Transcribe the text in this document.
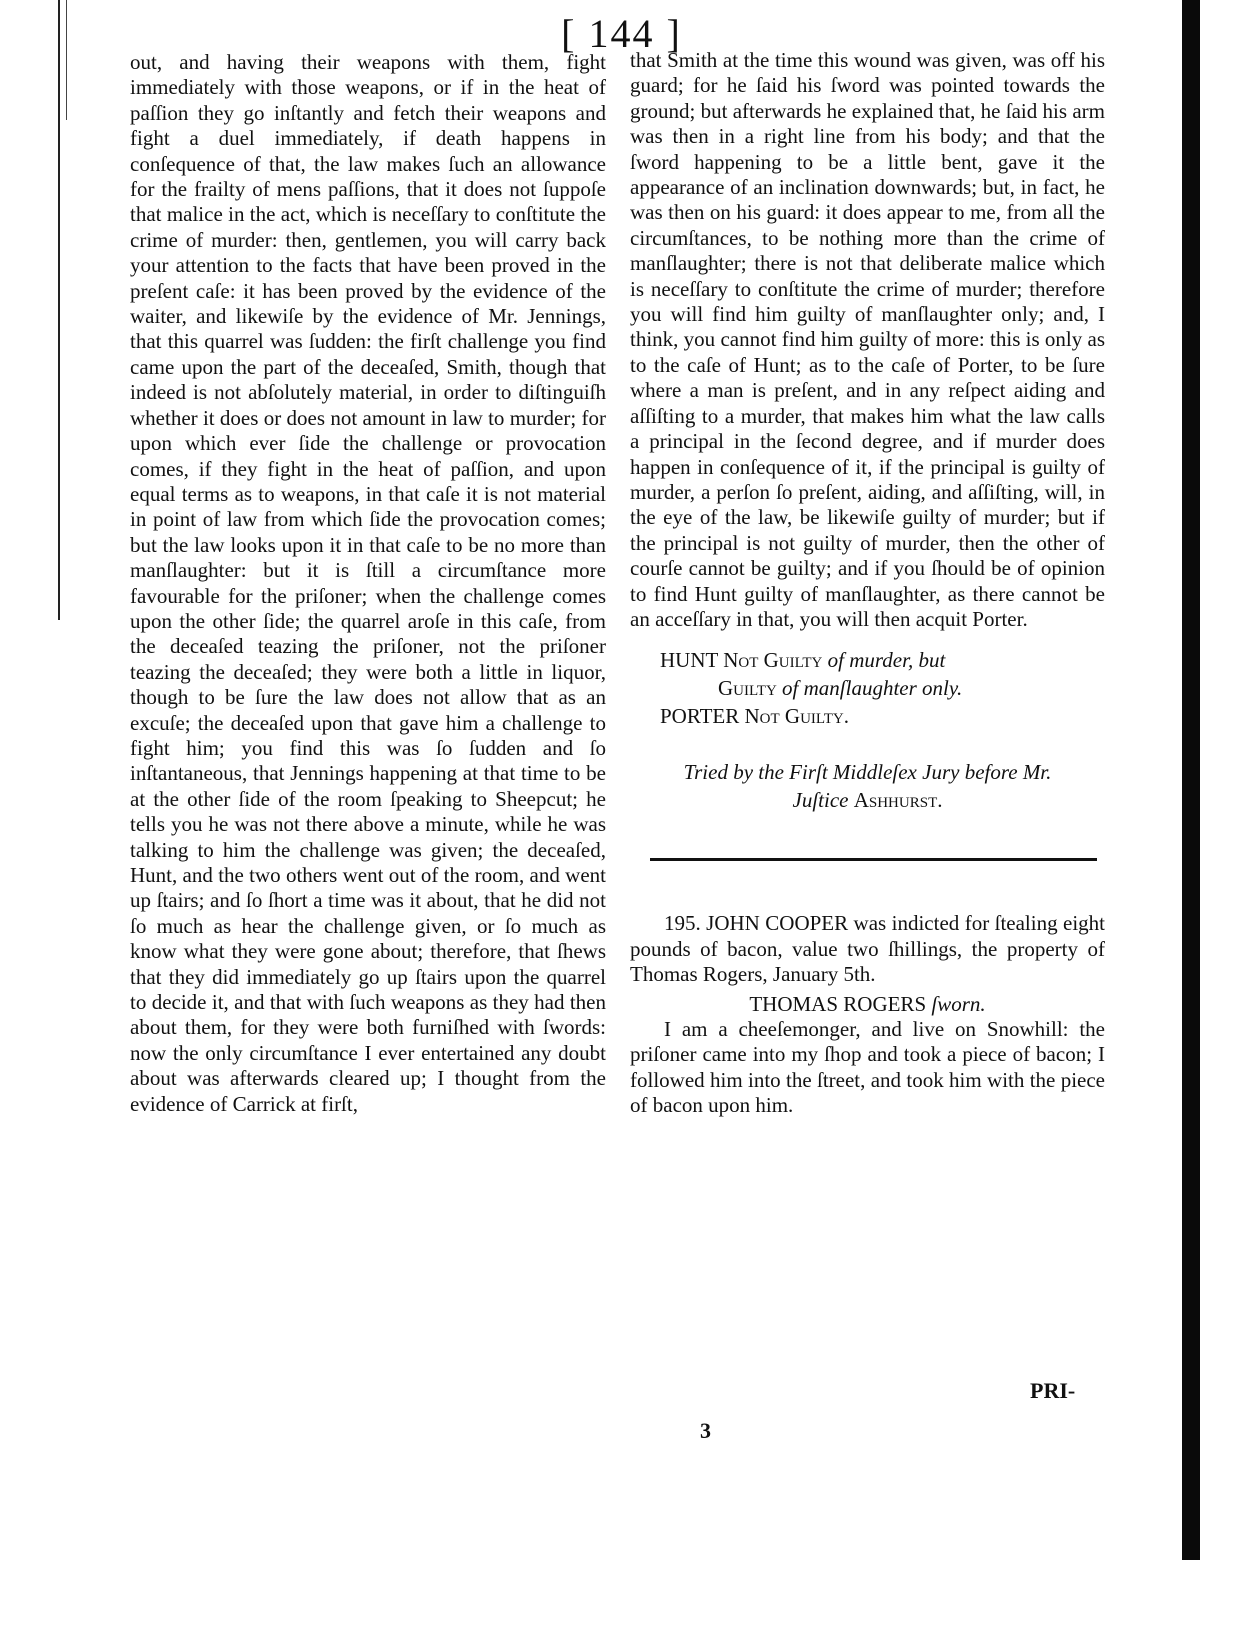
[ 144 ]

out, and having their weapons with them, fight immediately with those weapons, or if in the heat of paſſion they go inſtantly and fetch their weapons and fight a duel immediately, if death happens in conſequence of that, the law makes ſuch an allowance for the frailty of mens paſſions, that it does not ſuppoſe that malice in the act, which is neceſſary to conſtitute the crime of murder: then, gentlemen, you will carry back your attention to the facts that have been proved in the preſent caſe: it has been proved by the evidence of the waiter, and likewiſe by the evidence of Mr. Jennings, that this quarrel was ſudden: the firſt challenge you find came upon the part of the deceaſed, Smith, though that indeed is not abſolutely material, in order to diſtinguiſh whether it does or does not amount in law to murder; for upon which ever ſide the challenge or provocation comes, if they fight in the heat of paſſion, and upon equal terms as to weapons, in that caſe it is not material in point of law from which ſide the provocation comes; but the law looks upon it in that caſe to be no more than manſlaughter: but it is ſtill a circumſtance more favourable for the priſoner; when the challenge comes upon the other ſide; the quarrel aroſe in this caſe, from the deceaſed teazing the priſoner, not the priſoner teazing the deceaſed; they were both a little in liquor, though to be ſure the law does not allow that as an excuſe; the deceaſed upon that gave him a challenge to fight him; you find this was ſo ſudden and ſo inſtantaneous, that Jennings happening at that time to be at the other ſide of the room ſpeaking to Sheepcut; he tells you he was not there above a minute, while he was talking to him the challenge was given; the deceaſed, Hunt, and the two others went out of the room, and went up ſtairs; and ſo ſhort a time was it about, that he did not ſo much as hear the challenge given, or ſo much as know what they were gone about; therefore, that ſhews that they did immediately go up ſtairs upon the quarrel to decide it, and that with ſuch weapons as they had then about them, for they were both furniſhed with ſwords: now the only circumſtance I ever entertained any doubt about was afterwards cleared up; I thought from the evidence of Carrick at firſt,

that Smith at the time this wound was given, was off his guard; for he ſaid his ſword was pointed towards the ground; but afterwards he explained that, he ſaid his arm was then in a right line from his body; and that the ſword happening to be a little bent, gave it the appearance of an inclination downwards; but, in fact, he was then on his guard: it does appear to me, from all the circumſtances, to be nothing more than the crime of manſlaughter; there is not that deliberate malice which is neceſſary to conſtitute the crime of murder; therefore you will find him guilty of manſlaughter only; and, I think, you cannot find him guilty of more: this is only as to the caſe of Hunt; as to the caſe of Porter, to be ſure where a man is preſent, and in any reſpect aiding and aſſiſting to a murder, that makes him what the law calls a principal in the ſecond degree, and if murder does happen in conſequence of it, if the principal is guilty of murder, a perſon ſo preſent, aiding, and aſſiſting, will, in the eye of the law, be likewiſe guilty of murder; but if the principal is not guilty of murder, then the other of courſe cannot be guilty; and if you ſhould be of opinion to find Hunt guilty of manſlaughter, as there cannot be an acceſſary in that, you will then acquit Porter.

HUNT Not Guilty of murder, but
Guilty of manſlaughter only.
PORTER Not Guilty.
Tried by the Firſt Middleſex Jury before Mr.
Juſtice Ashhurst.

195. JOHN COOPER was indicted for ſtealing eight pounds of bacon, value two ſhillings, the property of Thomas Rogers, January 5th.

THOMAS ROGERS ſworn.

I am a cheeſemonger, and live on Snowhill: the priſoner came into my ſhop and took a piece of bacon; I followed him into the ſtreet, and took him with the piece of bacon upon him.

PRI-
3
